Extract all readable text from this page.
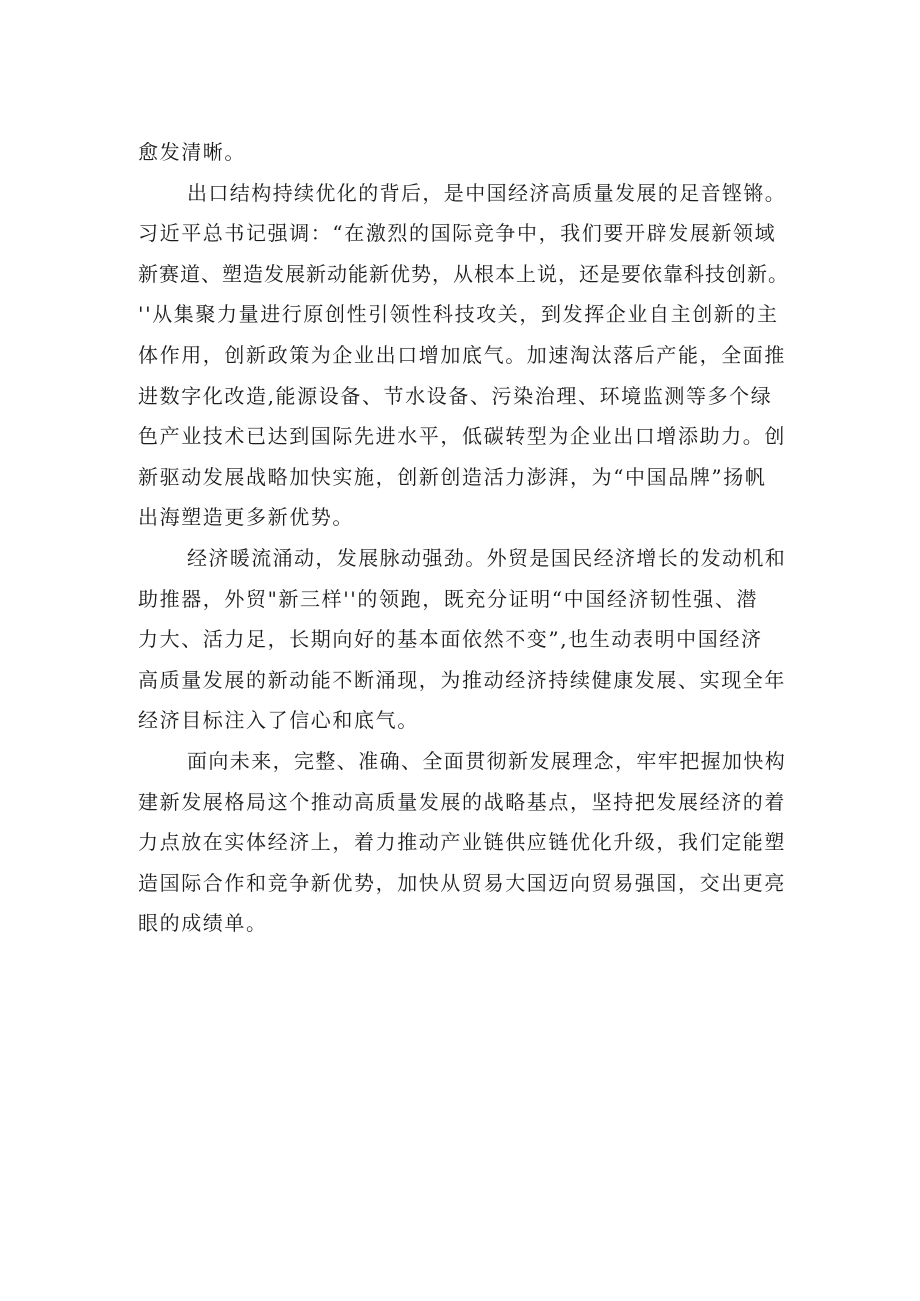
愈发清晰。

出口结构持续优化的背后，是中国经济高质量发展的足音铿锵。
习近平总书记强调：“在激烈的国际竞争中，我们要开辟发展新领域
新赛道、塑造发展新动能新优势，从根本上说，还是要依靠科技创新。
''从集聚力量进行原创性引领性科技攻关，到发挥企业自主创新的主
体作用，创新政策为企业出口增加底气。加速淘汰落后产能，全面推
进数字化改造,能源设备、节水设备、污染治理、环境监测等多个绿
色产业技术已达到国际先进水平，低碳转型为企业出口增添助力。创
新驱动发展战略加快实施，创新创造活力澎湃，为“中国品牌”扬帆
出海塑造更多新优势。

经济暖流涌动，发展脉动强劲。外贸是国民经济增长的发动机和
助推器，外贸"新三样''的领跑，既充分证明“中国经济韧性强、潜
力大、活力足，长期向好的基本面依然不变”,也生动表明中国经济
高质量发展的新动能不断涌现，为推动经济持续健康发展、实现全年
经济目标注入了信心和底气。

面向未来，完整、准确、全面贯彻新发展理念，牢牢把握加快构
建新发展格局这个推动高质量发展的战略基点，坚持把发展经济的着
力点放在实体经济上，着力推动产业链供应链优化升级，我们定能塑
造国际合作和竞争新优势，加快从贸易大国迈向贸易强国，交出更亮
眼的成绩单。
